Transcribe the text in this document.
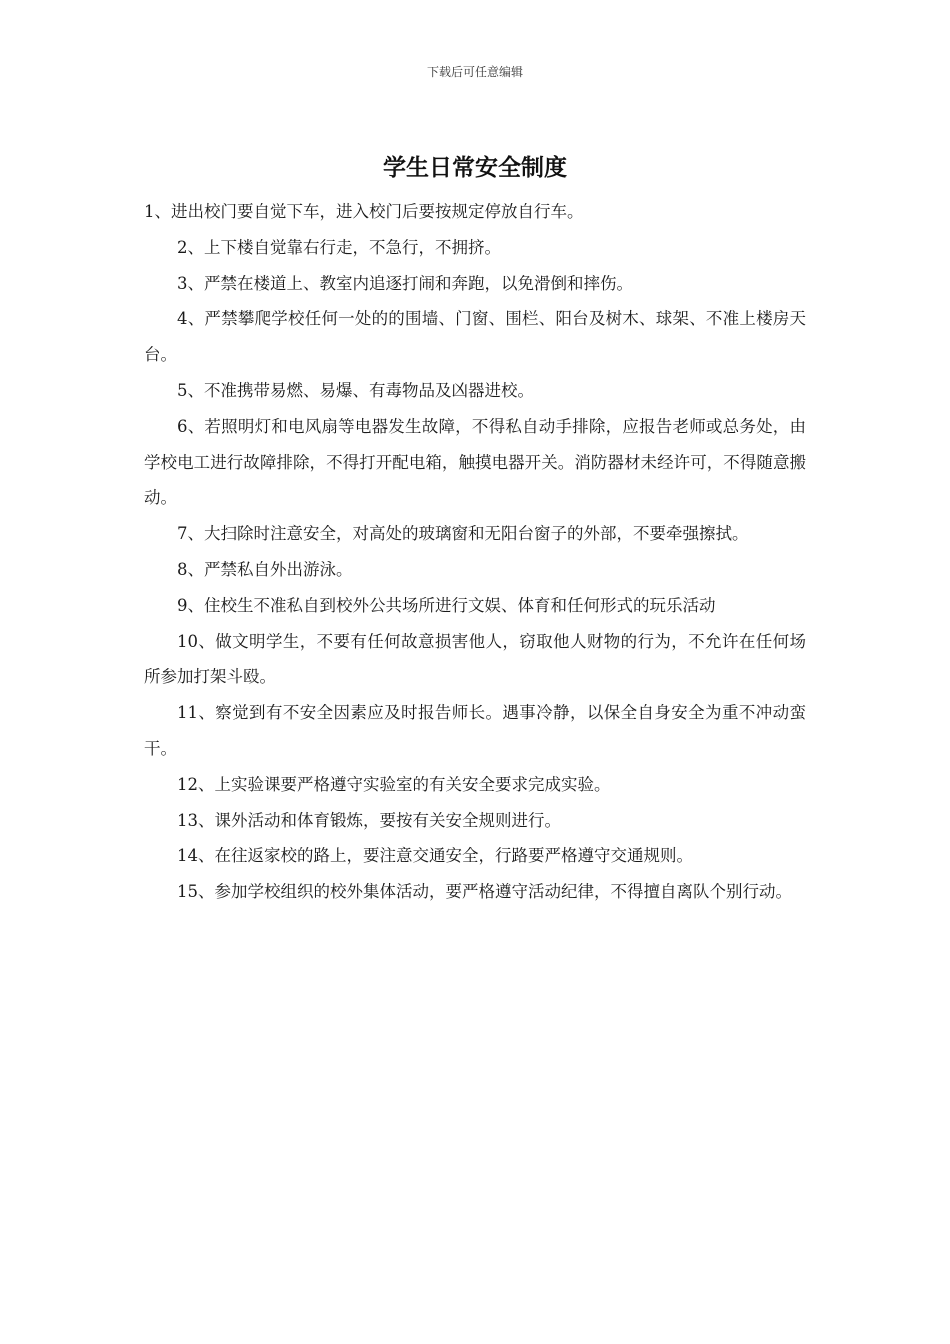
下载后可任意编辑
学生日常安全制度

1、进出校门要自觉下车，进入校门后要按规定停放自行车。

2、上下楼自觉靠右行走，不急行，不拥挤。

3、严禁在楼道上、教室内追逐打闹和奔跑，以免滑倒和摔伤。

4、严禁攀爬学校任何一处的的围墙、门窗、围栏、阳台及树木、球架、不准上楼房天台。

5、不准携带易燃、易爆、有毒物品及凶器进校。

6、若照明灯和电风扇等电器发生故障，不得私自动手排除，应报告老师或总务处，由学校电工进行故障排除，不得打开配电箱，触摸电器开关。消防器材未经许可，不得随意搬动。

7、大扫除时注意安全，对高处的玻璃窗和无阳台窗子的外部，不要牵强擦拭。

8、严禁私自外出游泳。

9、住校生不准私自到校外公共场所进行文娱、体育和任何形式的玩乐活动

10、做文明学生，不要有任何故意损害他人，窃取他人财物的行为，不允许在任何场所参加打架斗殴。

11、察觉到有不安全因素应及时报告师长。遇事冷静，以保全自身安全为重不冲动蛮干。

12、上实验课要严格遵守实验室的有关安全要求完成实验。

13、课外活动和体育锻炼，要按有关安全规则进行。

14、在往返家校的路上，要注意交通安全，行路要严格遵守交通规则。

15、参加学校组织的校外集体活动，要严格遵守活动纪律，不得擅自离队个别行动。
